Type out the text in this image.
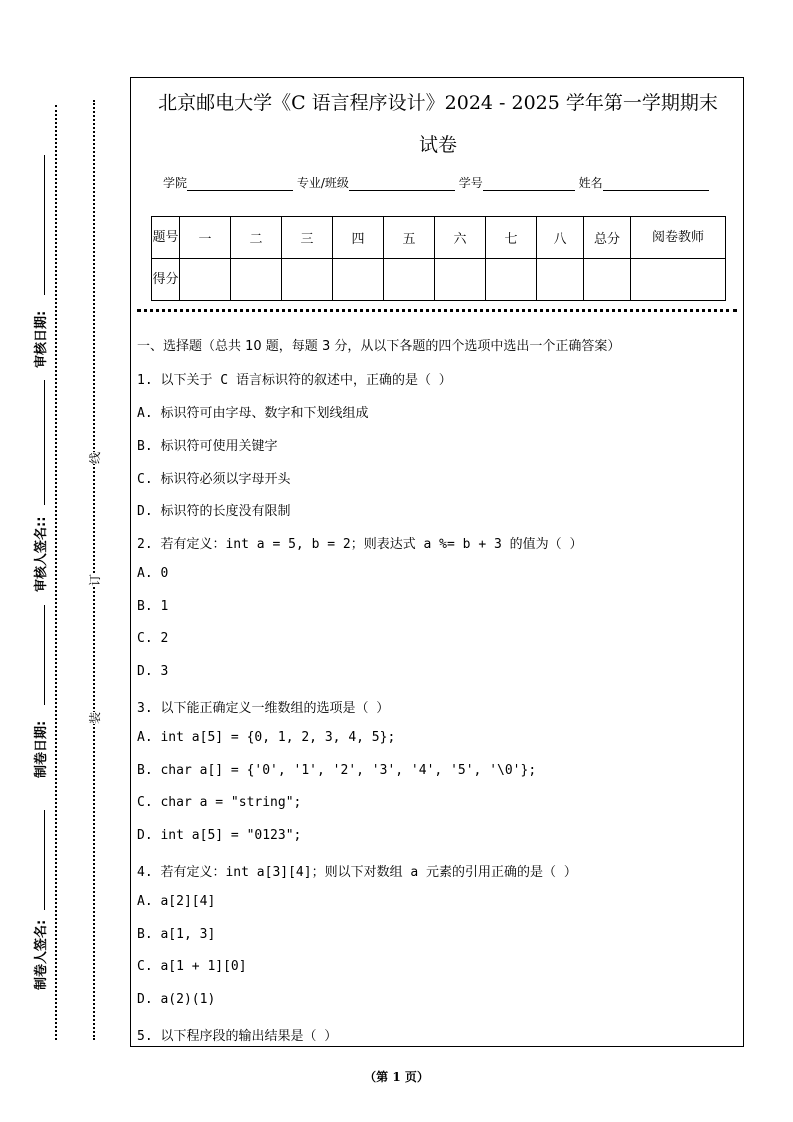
审核日期:
审核人签名::
制卷日期:
制卷人签名:
线
订
装
北京邮电大学《C 语言程序设计》2024 - 2025 学年第一学期期末
试卷
学院	专业/班级	学号	姓名
题号	一	二	三	四	五	六	七	八	总分	阅卷教师
得分										
一、选择题（总共 10 题，每题 3 分，从以下各题的四个选项中选出一个正确答案）
1. 以下关于 C 语言标识符的叙述中，正确的是（ ）
A. 标识符可由字母、数字和下划线组成
B. 标识符可使用关键字
C. 标识符必须以字母开头
D. 标识符的长度没有限制
2. 若有定义：int a = 5, b = 2；则表达式 a %= b + 3 的值为（ ）
A. 0
B. 1
C. 2
D. 3
3. 以下能正确定义一维数组的选项是（ ）
A. int a[5] = {0, 1, 2, 3, 4, 5};
B. char a[] = {'0', '1', '2', '3', '4', '5', '\0'};
C. char a = "string";
D. int a[5] = "0123";
4. 若有定义：int a[3][4]；则以下对数组 a 元素的引用正确的是（ ）
A. a[2][4]
B. a[1, 3]
C. a[1 + 1][0]
D. a(2)(1)
5. 以下程序段的输出结果是（ ）
（第 1 页）
